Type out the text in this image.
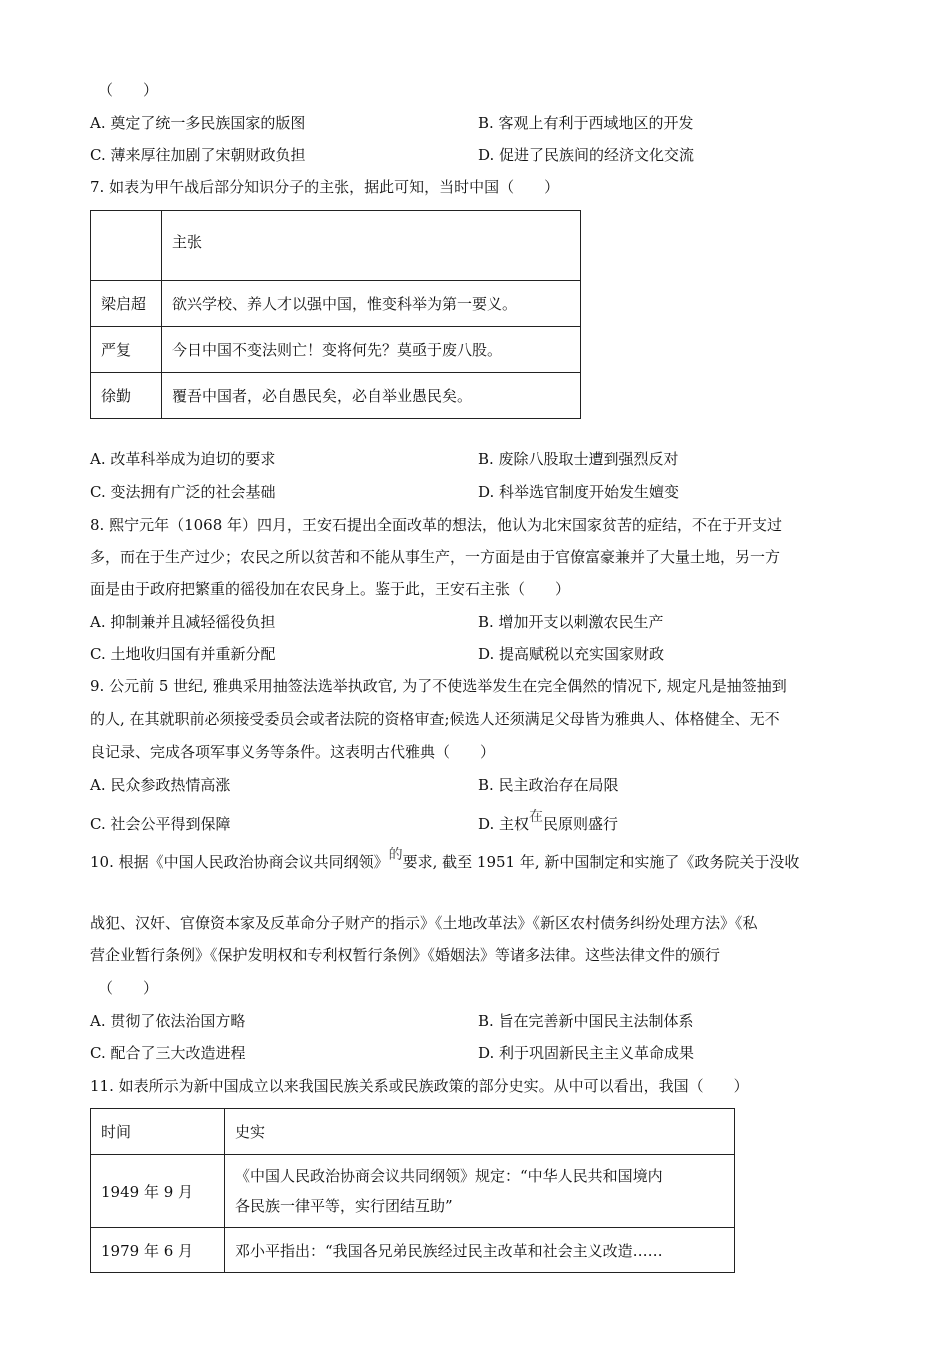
（　　）
A. 奠定了统一多民族国家的版图	B. 客观上有利于西域地区的开发
C. 薄来厚往加剧了宋朝财政负担	D. 促进了民族间的经济文化交流
7. 如表为甲午战后部分知识分子的主张，据此可知，当时中国（　　）
	主张
梁启超	欲兴学校、养人才以强中国，惟变科举为第一要义。
严复	今日中国不变法则亡！变将何先？莫亟于废八股。
徐勤	覆吾中国者，必自愚民矣，必自举业愚民矣。
A. 改革科举成为迫切的要求	B. 废除八股取士遭到强烈反对
C. 变法拥有广泛的社会基础	D. 科举选官制度开始发生嬗变
8. 熙宁元年（1068 年）四月，王安石提出全面改革的想法，他认为北宋国家贫苦的症结，不在于开支过
多，而在于生产过少；农民之所以贫苦和不能从事生产，一方面是由于官僚富豪兼并了大量土地，另一方
面是由于政府把繁重的徭役加在农民身上。鉴于此，王安石主张（　　）
A. 抑制兼并且减轻徭役负担	B. 增加开支以刺激农民生产
C. 土地收归国有并重新分配	D. 提高赋税以充实国家财政
9. 公元前 5 世纪, 雅典采用抽签法选举执政官, 为了不使选举发生在完全偶然的情况下, 规定凡是抽签抽到
的人, 在其就职前必须接受委员会或者法院的资格审查;候选人还须满足父母皆为雅典人、体格健全、无不
良记录、完成各项军事义务等条件。这表明古代雅典（　　）
A. 民众参政热情高涨	B. 民主政治存在局限
C. 社会公平得到保障	D. 主权在民原则盛行
10. 根据《中国人民政治协商会议共同纲领》的要求, 截至 1951 年, 新中国制定和实施了《政务院关于没收
战犯、汉奸、官僚资本家及反革命分子财产的指示》《土地改革法》《新区农村债务纠纷处理方法》《私
营企业暂行条例》《保护发明权和专利权暂行条例》《婚姻法》等诸多法律。这些法律文件的颁行
（　　）
A. 贯彻了依法治国方略	B. 旨在完善新中国民主法制体系
C. 配合了三大改造进程	D. 利于巩固新民主主义革命成果
11. 如表所示为新中国成立以来我国民族关系或民族政策的部分史实。从中可以看出，我国（　　）
时间	史实
1949 年 9 月	《中国人民政治协商会议共同纲领》规定：“中华人民共和国境内
各民族一律平等，实行团结互助”

1979 年 6 月	邓小平指出：“我国各兄弟民族经过民主改革和社会主义改造……
